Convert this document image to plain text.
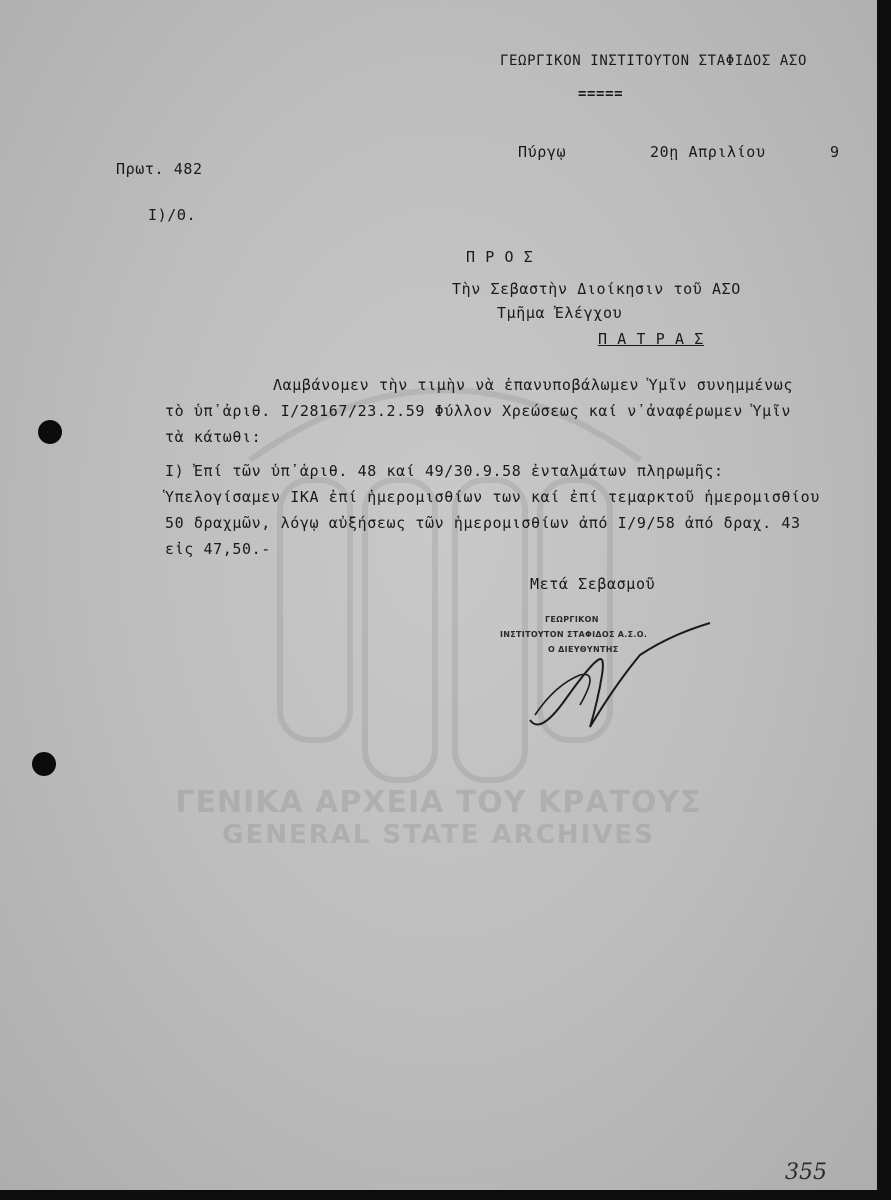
ΓΕΝΙΚΑ ΑΡΧΕΙΑ ΤΟΥ ΚΡΑΤΟΥΣ
GENERAL STATE ARCHIVES
ΓΕΩΡΓΙΚΟΝ ΙΝΣΤΙΤΟΥΤΟΝ ΣΤΑΦΙΔΟΣ ΑΣΟ
=====
Πύργῳ	20ῃ Απριλίου	9
Πρωτ. 482
Ι)/Θ.
Π Ρ Ο Σ
Τὴν Σεβαστὴν Διοίκησιν τοῦ ΑΣΟ
Τμῆμα Ἐλέγχου
Π Α Τ Ρ Α Σ
Λαμβάνομεν τὴν τιμὴν νὰ ἐπανυποβάλωμεν Ὑμῖν συνημμένως
τὸ ὑπ᾿ἀριθ. Ι/28167/23.2.59 Φύλλον Χρεώσεως καί ν᾿ἀναφέρωμεν Ὑμῖν
τὰ κάτωθι:
Ι) Ἐπί τῶν ὑπ᾿ἀριθ. 48 καί 49/30.9.58 ἐνταλμάτων πληρωμῆς:
Ὑπελογίσαμεν ΙΚΑ ἐπί ἡμερομισθίων των καί ἐπί τεμαρκτοῦ ἡμερομισθίου
50 δραχμῶν, λόγῳ αὐξήσεως τῶν ἡμερομισθίων ἀπό Ι/9/58 ἀπό δραχ. 43
εἰς 47,50.-
Μετά Σεβασμοῦ
ΓΕΩΡΓΙΚΟΝ
ΙΝΣΤΙΤΟΥΤΟΝ ΣΤΑΦΙΔΟΣ Α.Σ.Ο.
Ο ΔΙΕΥΘΥΝΤΗΣ
355
